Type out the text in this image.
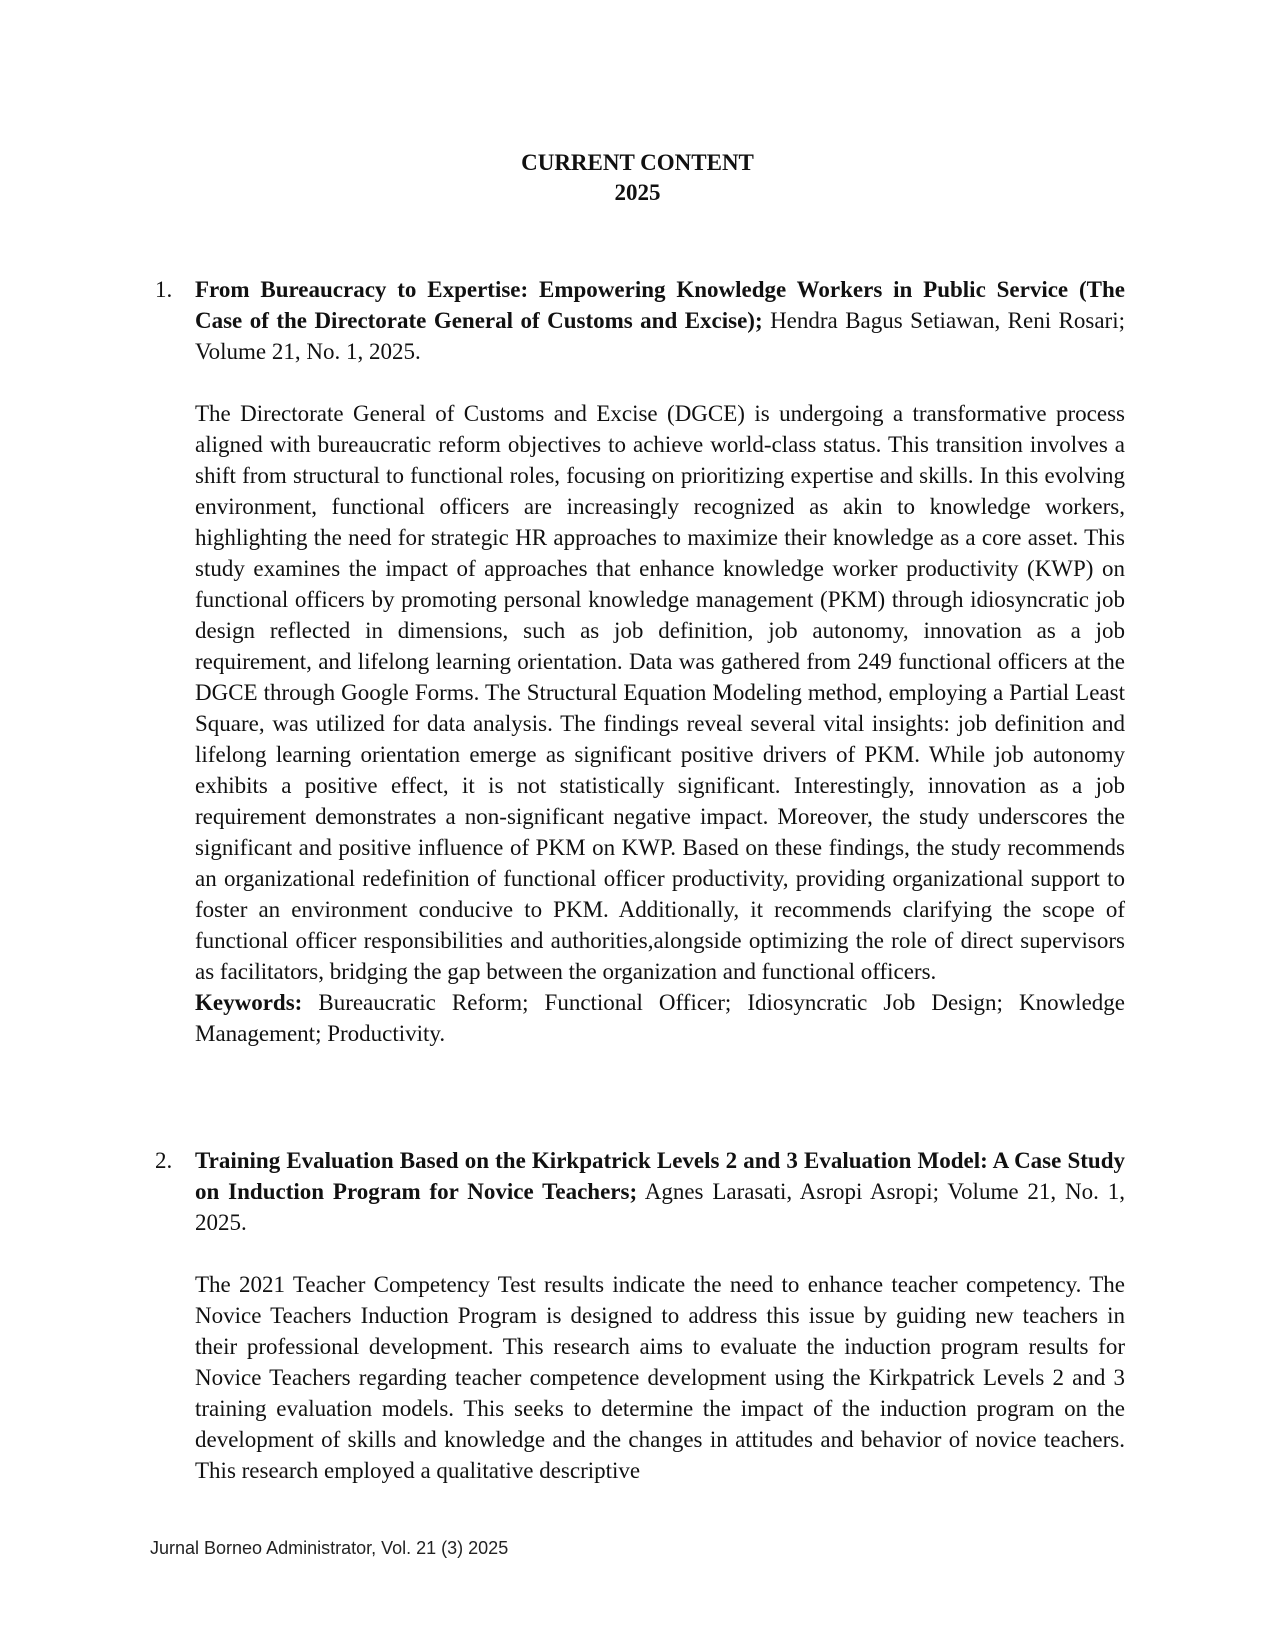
CURRENT CONTENT
2025
1. From Bureaucracy to Expertise: Empowering Knowledge Workers in Public Service (The Case of the Directorate General of Customs and Excise); Hendra Bagus Setiawan, Reni Rosari; Volume 21, No. 1, 2025.

The Directorate General of Customs and Excise (DGCE) is undergoing a transformative process aligned with bureaucratic reform objectives to achieve world-class status. This transition involves a shift from structural to functional roles, focusing on prioritizing expertise and skills. In this evolving environment, functional officers are increasingly recognized as akin to knowledge workers, highlighting the need for strategic HR approaches to maximize their knowledge as a core asset. This study examines the impact of approaches that enhance knowledge worker productivity (KWP) on functional officers by promoting personal knowledge management (PKM) through idiosyncratic job design reflected in dimensions, such as job definition, job autonomy, innovation as a job requirement, and lifelong learning orientation. Data was gathered from 249 functional officers at the DGCE through Google Forms. The Structural Equation Modeling method, employing a Partial Least Square, was utilized for data analysis. The findings reveal several vital insights: job definition and lifelong learning orientation emerge as significant positive drivers of PKM. While job autonomy exhibits a positive effect, it is not statistically significant. Interestingly, innovation as a job requirement demonstrates a non-significant negative impact. Moreover, the study underscores the significant and positive influence of PKM on KWP. Based on these findings, the study recommends an organizational redefinition of functional officer productivity, providing organizational support to foster an environment conducive to PKM. Additionally, it recommends clarifying the scope of functional officer responsibilities and authorities,alongside optimizing the role of direct supervisors as facilitators, bridging the gap between the organization and functional officers.

Keywords: Bureaucratic Reform; Functional Officer; Idiosyncratic Job Design; Knowledge Management; Productivity.

2. Training Evaluation Based on the Kirkpatrick Levels 2 and 3 Evaluation Model: A Case Study on Induction Program for Novice Teachers; Agnes Larasati, Asropi Asropi; Volume 21, No. 1, 2025.

The 2021 Teacher Competency Test results indicate the need to enhance teacher competency. The Novice Teachers Induction Program is designed to address this issue by guiding new teachers in their professional development. This research aims to evaluate the induction program results for Novice Teachers regarding teacher competence development using the Kirkpatrick Levels 2 and 3 training evaluation models. This seeks to determine the impact of the induction program on the development of skills and knowledge and the changes in attitudes and behavior of novice teachers. This research employed a qualitative descriptive

Jurnal Borneo Administrator, Vol. 21 (3) 2025
